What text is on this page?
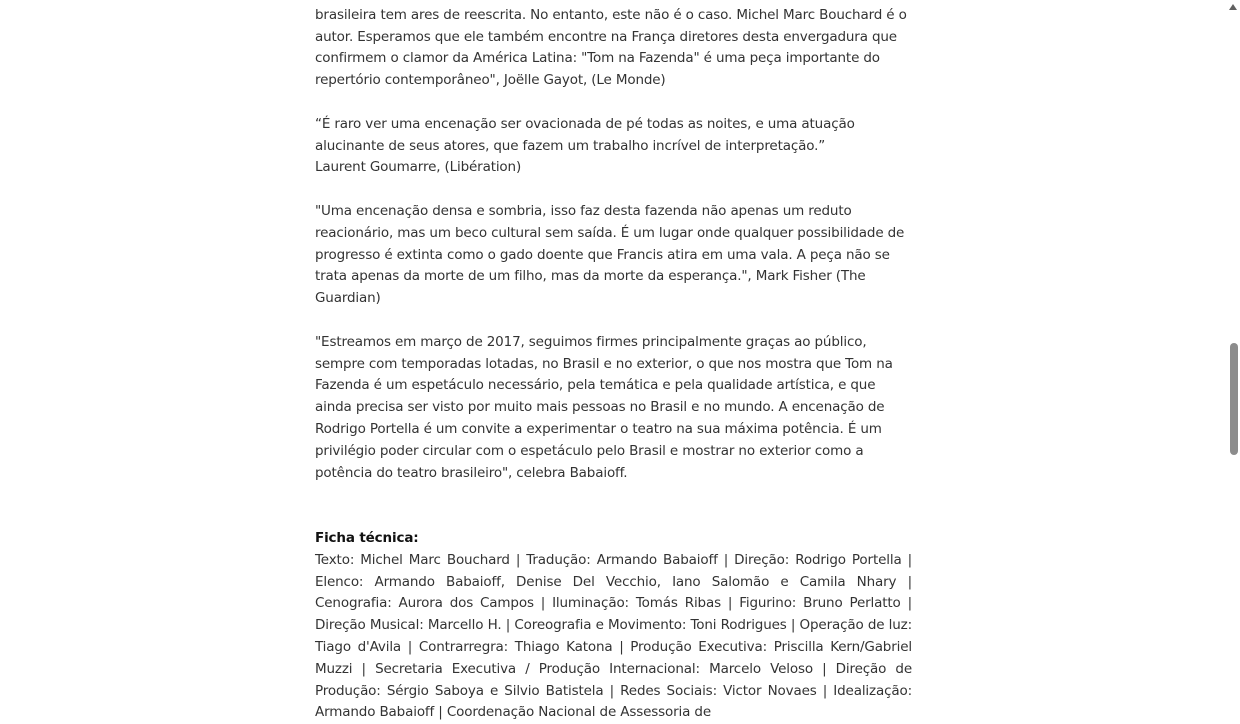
brasileira tem ares de reescrita. No entanto, este não é o caso. Michel Marc Bouchard é o autor. Esperamos que ele também encontre na França diretores desta envergadura que confirmem o clamor da América Latina: "Tom na Fazenda" é uma peça importante do repertório contemporâneo", Joëlle Gayot, (Le Monde)

“É raro ver uma encenação ser ovacionada de pé todas as noites, e uma atuação alucinante de seus atores, que fazem um trabalho incrível de interpretação.”

Laurent Goumarre, (Libération)

"Uma encenação densa e sombria, isso faz desta fazenda não apenas um reduto reacionário, mas um beco cultural sem saída. É um lugar onde qualquer possibilidade de progresso é extinta como o gado doente que Francis atira em uma vala. A peça não se trata apenas da morte de um filho, mas da morte da esperança.", Mark Fisher (The Guardian)

"Estreamos em março de 2017, seguimos firmes principalmente graças ao público, sempre com temporadas lotadas, no Brasil e no exterior, o que nos mostra que Tom na Fazenda é um espetáculo necessário, pela temática e pela qualidade artística, e que ainda precisa ser visto por muito mais pessoas no Brasil e no mundo. A encenação de Rodrigo Portella é um convite a experimentar o teatro na sua máxima potência. É um privilégio poder circular com o espetáculo pelo Brasil e mostrar no exterior como a potência do teatro brasileiro", celebra Babaioff.

Ficha técnica:

Texto: Michel Marc Bouchard | Tradução: Armando Babaioff | Direção: Rodrigo Portella | Elenco: Armando Babaioff, Denise Del Vecchio, Iano Salomão e Camila Nhary | Cenografia: Aurora dos Campos | Iluminação: Tomás Ribas | Figurino: Bruno Perlatto | Direção Musical: Marcello H. | Coreografia e Movimento: Toni Rodrigues | Operação de luz: Tiago d'Avila | Contrarregra: Thiago Katona | Produção Executiva: Priscilla Kern/Gabriel Muzzi | Secretaria Executiva / Produção Internacional: Marcelo Veloso | Direção de Produção: Sérgio Saboya e Silvio Batistela | Redes Sociais: Victor Novaes | Idealização: Armando Babaioff | Coordenação Nacional de Assessoria de
